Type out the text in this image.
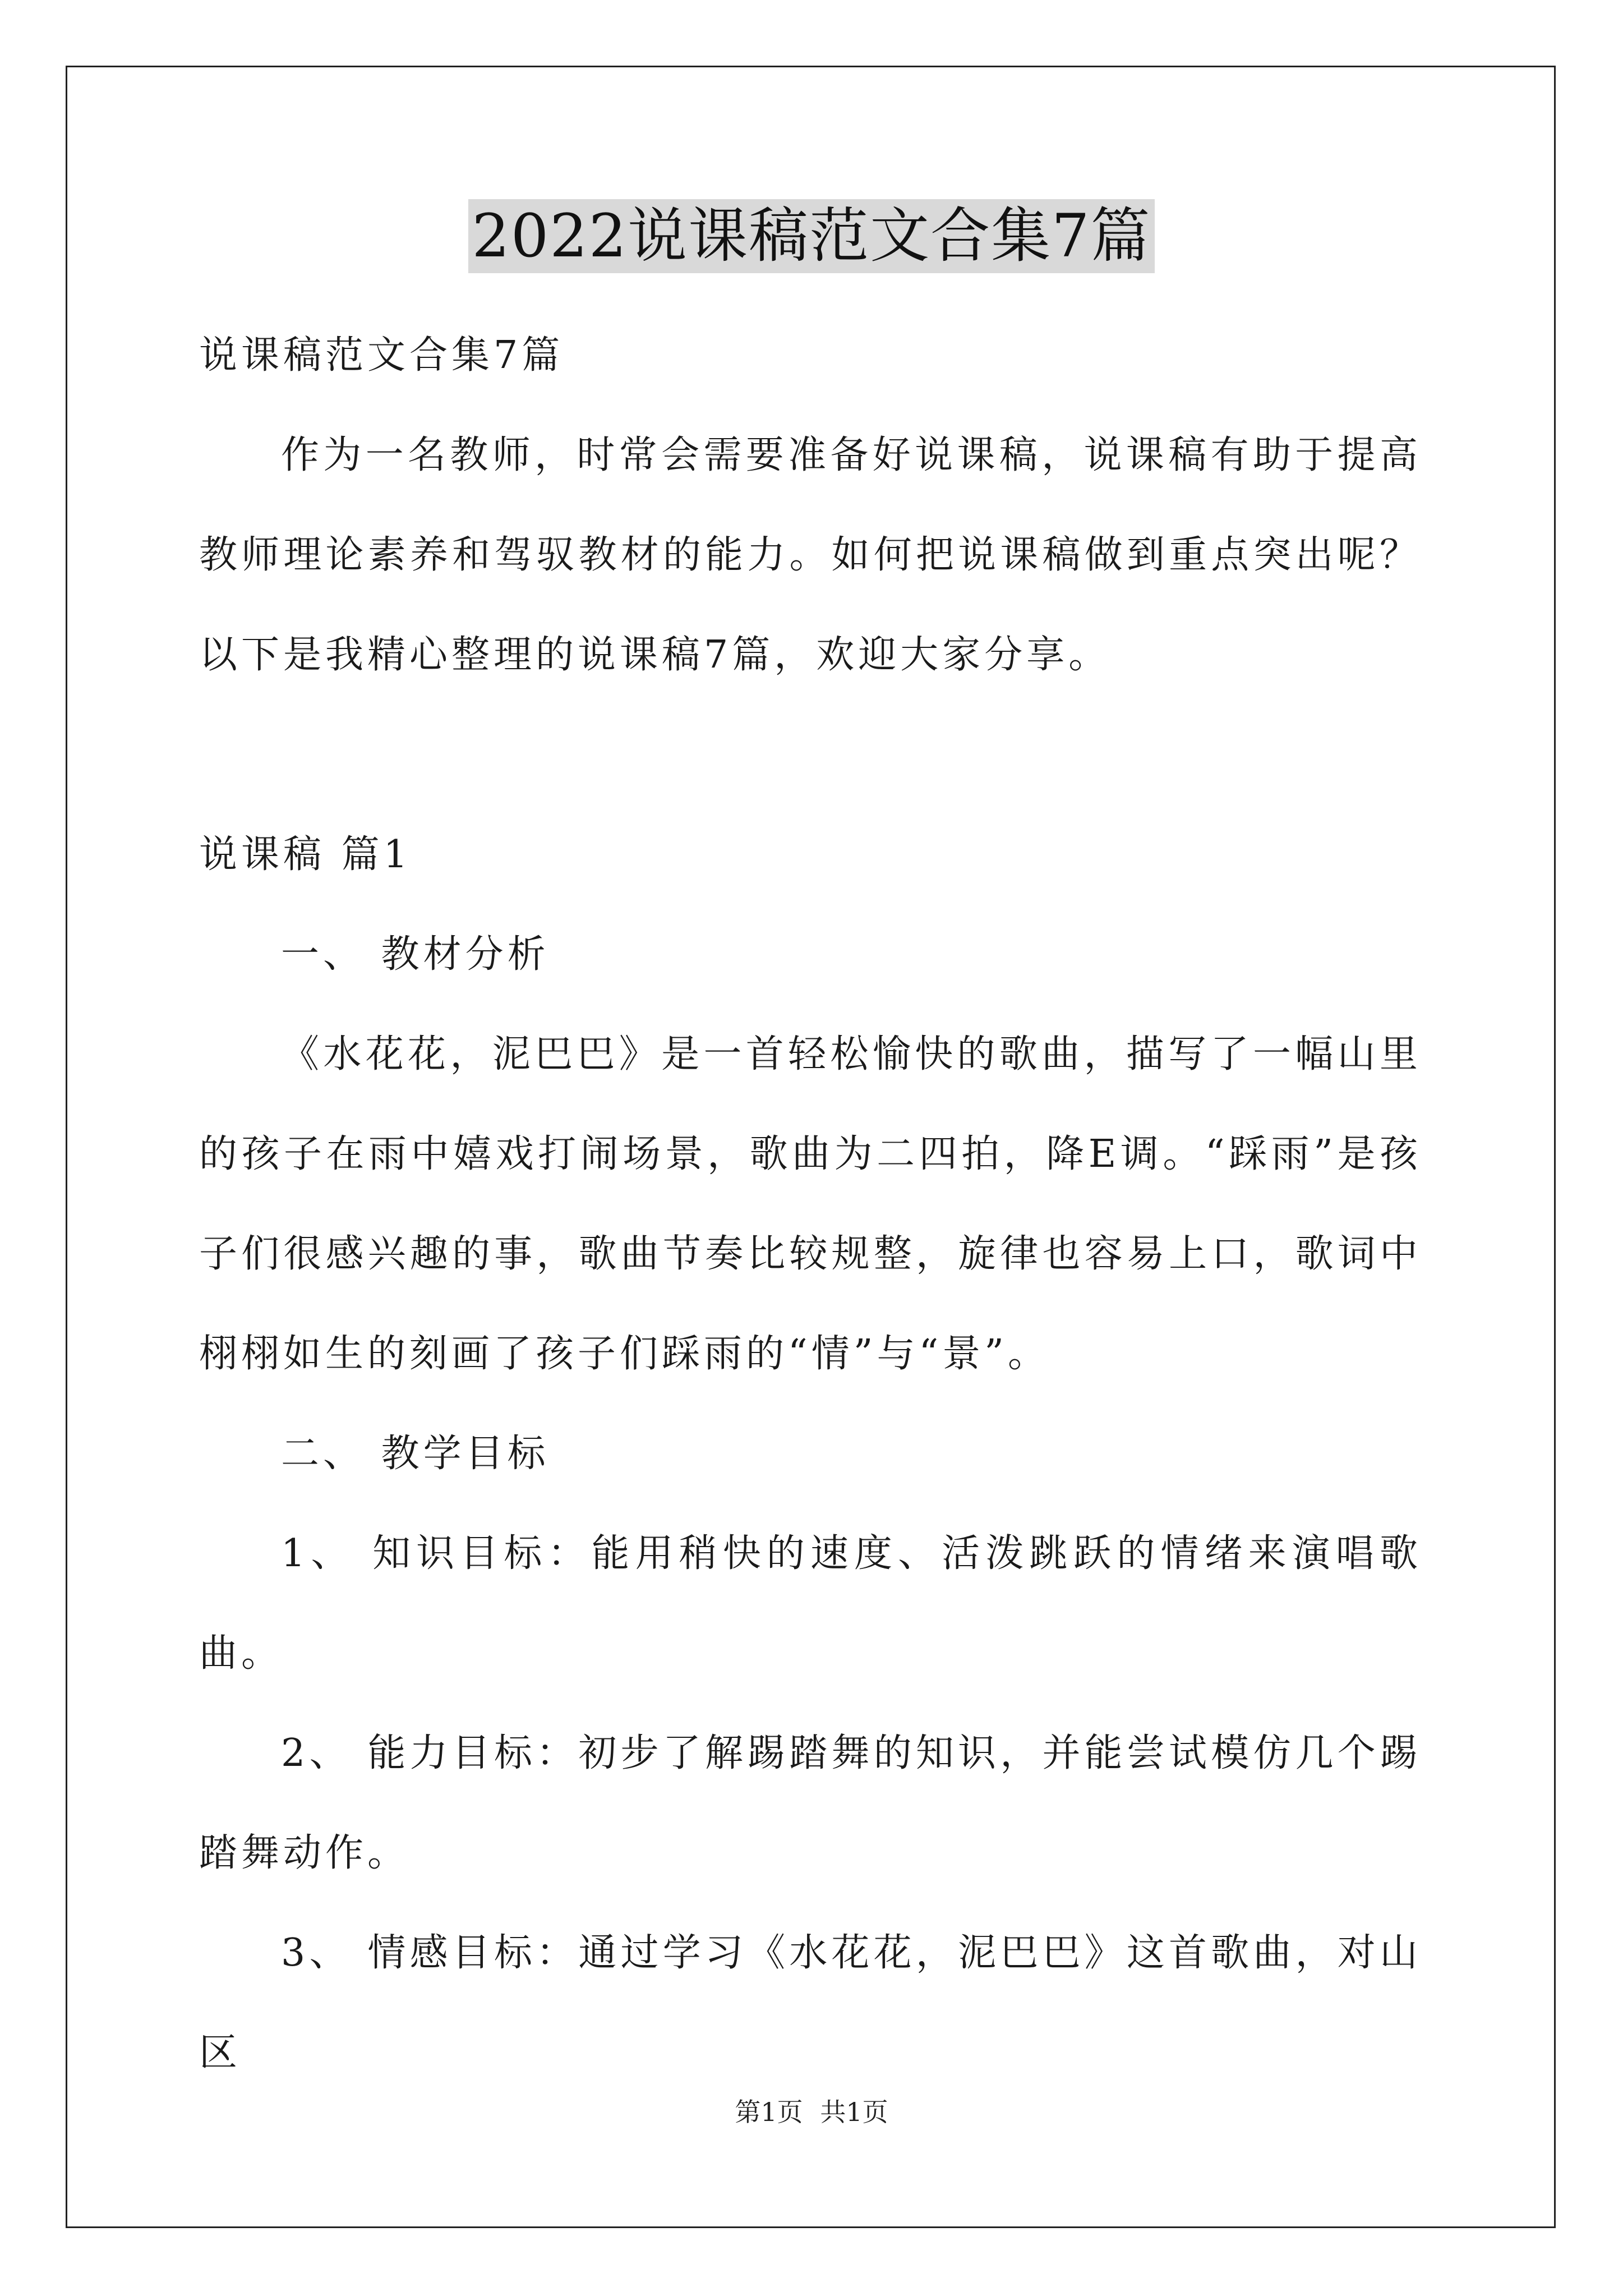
2022说课稿范文合集7篇

说课稿范文合集7篇

作为一名教师，时常会需要准备好说课稿，说课稿有助于提高教师理论素养和驾驭教材的能力。如何把说课稿做到重点突出呢？以下是我精心整理的说课稿7篇，欢迎大家分享。

说课稿 篇1

一、 教材分析

《水花花，泥巴巴》是一首轻松愉快的歌曲，描写了一幅山里的孩子在雨中嬉戏打闹场景，歌曲为二四拍，降E调。“踩雨”是孩子们很感兴趣的事，歌曲节奏比较规整，旋律也容易上口，歌词中栩栩如生的刻画了孩子们踩雨的“情”与“景”。

二、 教学目标

1、 知识目标：能用稍快的速度、活泼跳跃的情绪来演唱歌曲。

2、 能力目标：初步了解踢踏舞的知识，并能尝试模仿几个踢踏舞动作。

3、 情感目标：通过学习《水花花，泥巴巴》这首歌曲，对山区

第1页 共1页
